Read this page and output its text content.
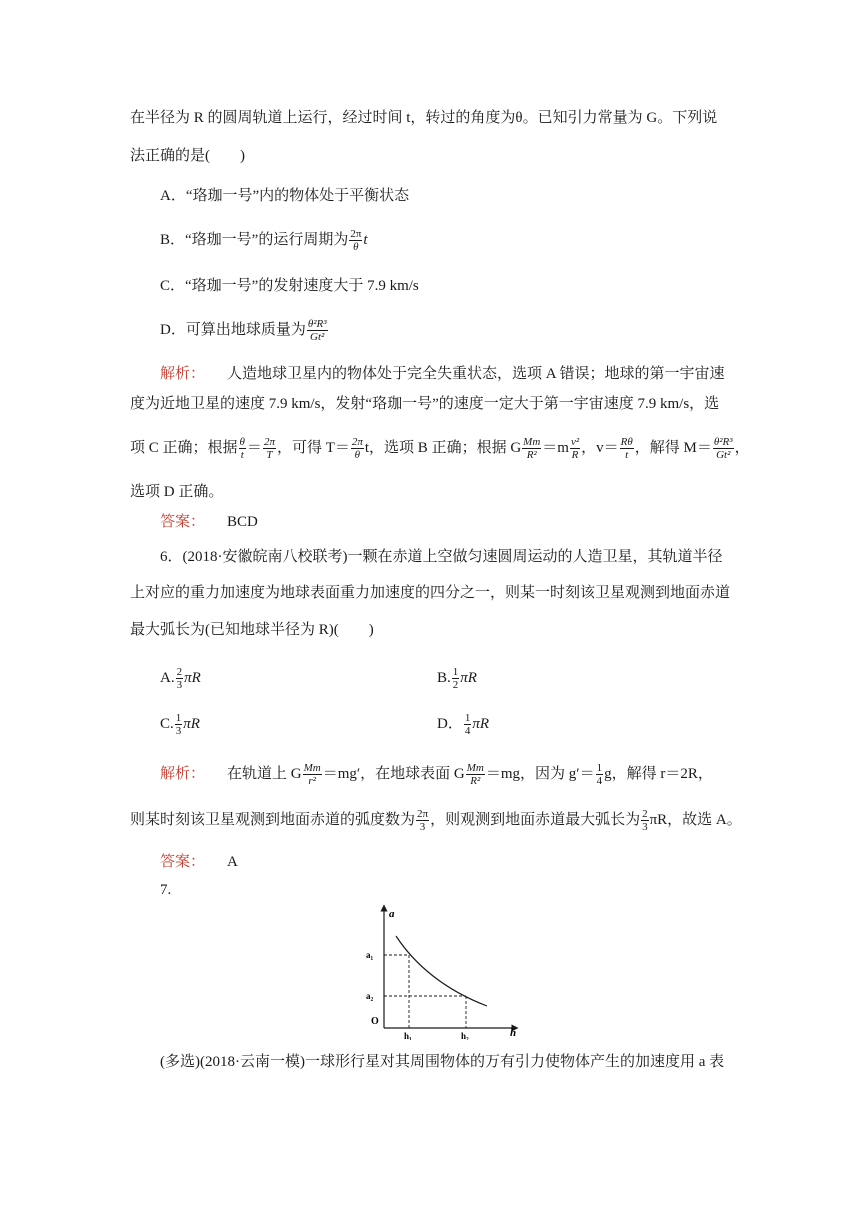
在半径为 R 的圆周轨道上运行，经过时间 t，转过的角度为θ。已知引力常量为 G。下列说
法正确的是(　　)
A．“珞珈一号”内的物体处于平衡状态
B．“珞珈一号”的运行周期为 $\frac{2\pi}{\theta}$ t
C．“珞珈一号”的发射速度大于 7.9 km/s
D．可算出地球质量为 $\frac{\text{θ²R³}}{\text{Gt²}}$
解析： 人造地球卫星内的物体处于完全失重状态，选项 A 错误；地球的第一宇宙速
度为近地卫星的速度 7.9 km/s，发射“珞珈一号”的速度一定大于第一宇宙速度 7.9 km/s，选
项 C 正确；根据 $\frac{\theta}{t} = \frac{2\pi}{T}$ ，可得 $T= \frac{2\pi}{\theta}$ t，选项 B 正确；根据 G $\frac{Mm}{\text{R²}} =m \frac{\text{v²}}{R}$ ，$v= \frac{R\theta}{t}$ ，解得 $M= \frac{\text{θ²R³}}{\text{Gt²}}$ ，
选项 D 正确。
答案： BCD
6．(2018·安徽皖南八校联考)一颗在赤道上空做匀速圆周运动的人造卫星，其轨道半径
上对应的重力加速度为地球表面重力加速度的四分之一，则某一时刻该卫星观测到地面赤道
最大弧长为(已知地球半径为 R)(　　)
A. $\frac{2}{3}$ πR	B. $\frac{1}{2}$ πR
C. $\frac{1}{3}$ πR	D． $\frac{1}{4}$ πR
解析： 在轨道上 G $\frac{Mm}{\text{r²}} =mg'$，在地球表面 G $\frac{Mm}{\text{R²}} =mg$，因为 $g'= \frac{1}{4}$ g，解得 r＝2R，
则某时刻该卫星观测到地面赤道的弧度数为 $\frac{2\pi}{3}$ ，则观测到地面赤道最大弧长为 $\frac{2}{3}$ πR，故选 A。
答案： A
7.
a
h
O
a₁
a₂
h₁	h₂
(多选)(2018·云南一模)一球形行星对其周围物体的万有引力使物体产生的加速度用 a 表
